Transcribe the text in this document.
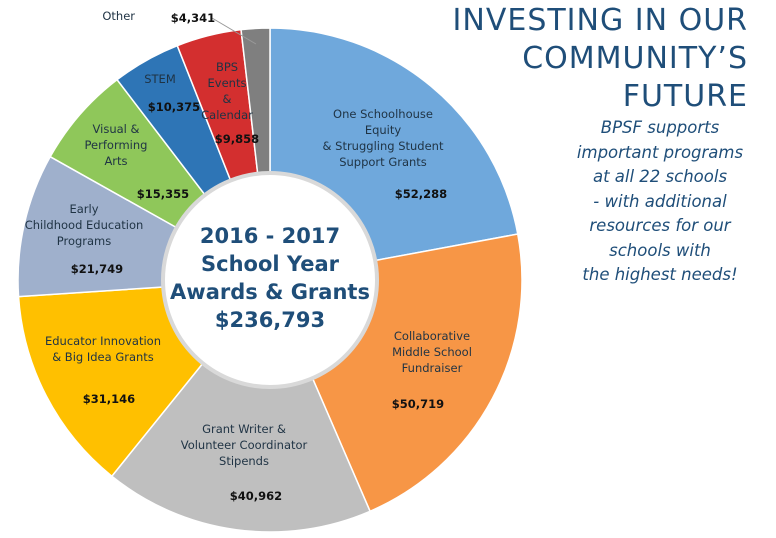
One Schoolhouse Equity & Struggling Student Support Grants
$52,288
Collaborative Middle School Fundraiser
$50,719
Grant Writer & Volunteer Coordinator Stipends
$40,962
Educator Innovation & Big Idea Grants
$31,146
Early Childhood Education Programs
$21,749
Visual & Performing Arts
$15,355
STEM
$10,375
BPS Events & Calendar
$9,858
Other	$4,341
2016 - 2017 School Year Awards & Grants $236,793
INVESTING IN OUR
COMMUNITY’S
FUTURE
BPSF supports
important programs
at all 22 schools
- with additional
resources for our
schools with
the highest needs!
